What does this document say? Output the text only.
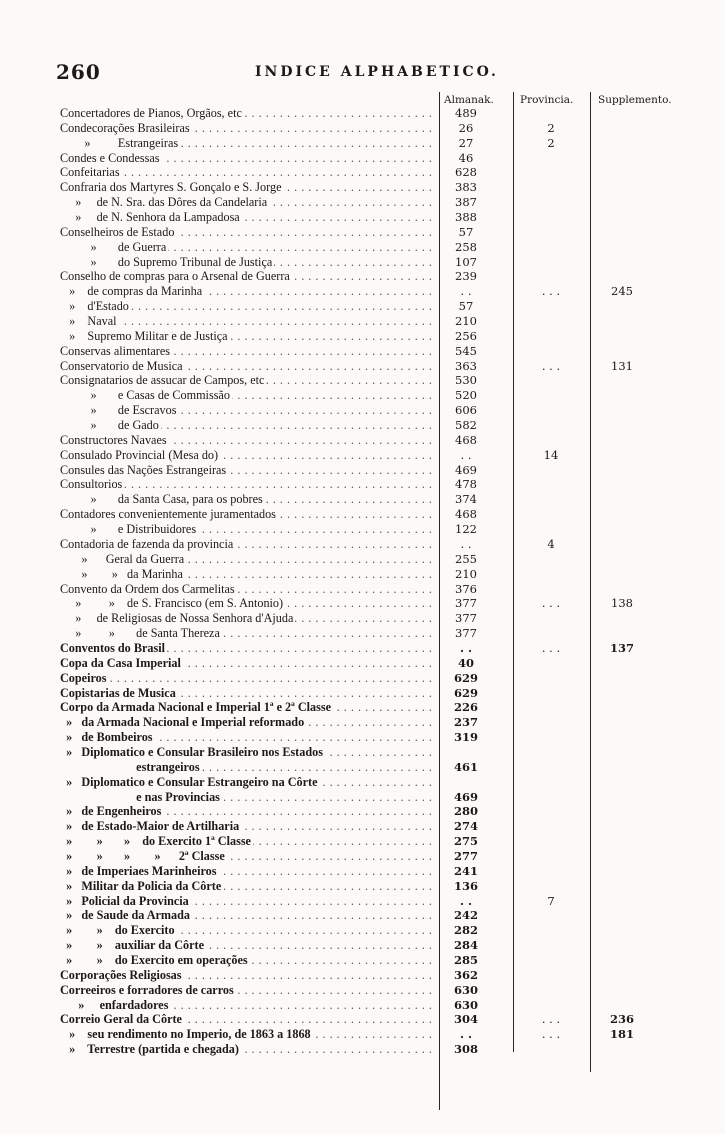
260	INDICE ALPHABETICO.
Almanak. Provincia. Supplemento.
Concertadores de Pianos, Orgãos, etc . . .	489
Condecorações Brasileiras . . .	26	2
»         Estrangeiras . . .	27	2
Condes e Condessas . . .	46
Confeitarias . . .	628
Confraria dos Martyres S. Gonçalo e S. Jorge . . .	383
»     de N. Sra. das Dôres da Candelaria . . .	387
»     de N. Senhora da Lampadosa . . .	388
Conselheiros de Estado . . .	57
»       de Guerra . . .	258
»       do Supremo Tribunal de Justiça . . .	107
Conselho de compras para o Arsenal de Guerra . . .	239
»    de compras da Marinha . . .	. .	. . .	245
»    d'Estado . . .	57
»    Naval . . .	210
»    Supremo Militar e de Justiça . . .	256
Conservas alimentares . . .	545
Conservatorio de Musica . . .	363	. . .	131
Consignatarios de assucar de Campos, etc . . .	530
»       e Casas de Commissão . . .	520
»       de Escravos . . .	606
»       de Gado . . .	582
Constructores Navaes . . .	468
Consulado Provincial (Mesa do) . . .	. .	14
Consules das Nações Estrangeiras . . .	469
Consultorios . . .	478
»       da Santa Casa, para os pobres . . .	374
Contadores convenientemente juramentados . . .	468
»       e Distribuidores . . .	122
Contadoria de fazenda da provincia . . .	. .	4
»      Geral da Guerra . . .	255
»        »   da Marinha . . .	210
Convento da Ordem dos Carmelitas . . .	376
»         »    de S. Francisco (em S. Antonio) . . .	377	. . .	138
»     de Religiosas de Nossa Senhora d'Ajuda . . .	377
»         »       de Santa Thereza . . .	377
Conventos do Brasil . . .	. .	. . .	137
Copa da Casa Imperial . . .	40
Copeiros . . .	629
Copistarias de Musica . . .	629
Corpo da Armada Nacional e Imperial 1ª e 2ª Classe . . .	226
»   da Armada Nacional e Imperial reformado . . .	237
»   de Bombeiros . . .	319
»   Diplomatico e Consular Brasileiro nos Estados . . .
estrangeiros . . .	461
»   Diplomatico e Consular Estrangeiro na Côrte . . .
e nas Provincias . . .	469
»   de Engenheiros . . .	280
»   de Estado-Maior de Artilharia . . .	274
»        »       »    do Exercito 1ª Classe . . .	275
»        »       »        »      2ª Classe . . .	277
»   de Imperiaes Marinheiros . . .	241
»   Militar da Policia da Côrte . . .	136
»   Policial da Provincia . . .	. .	7
»   de Saude da Armada . . .	242
»        »    do Exercito . . .	282
»        »    auxiliar da Côrte . . .	284
»        »    do Exercito em operações . . .	285
Corporações Religiosas . . .	362
Correeiros e forradores de carros . . .	630
»     enfardadores . . .	630
Correio Geral da Côrte . . .	304	. . .	236
»    seu rendimento no Imperio, de 1863 a 1868 . . .	. .	. . .	181
»    Terrestre (partida e chegada) . . .	308
